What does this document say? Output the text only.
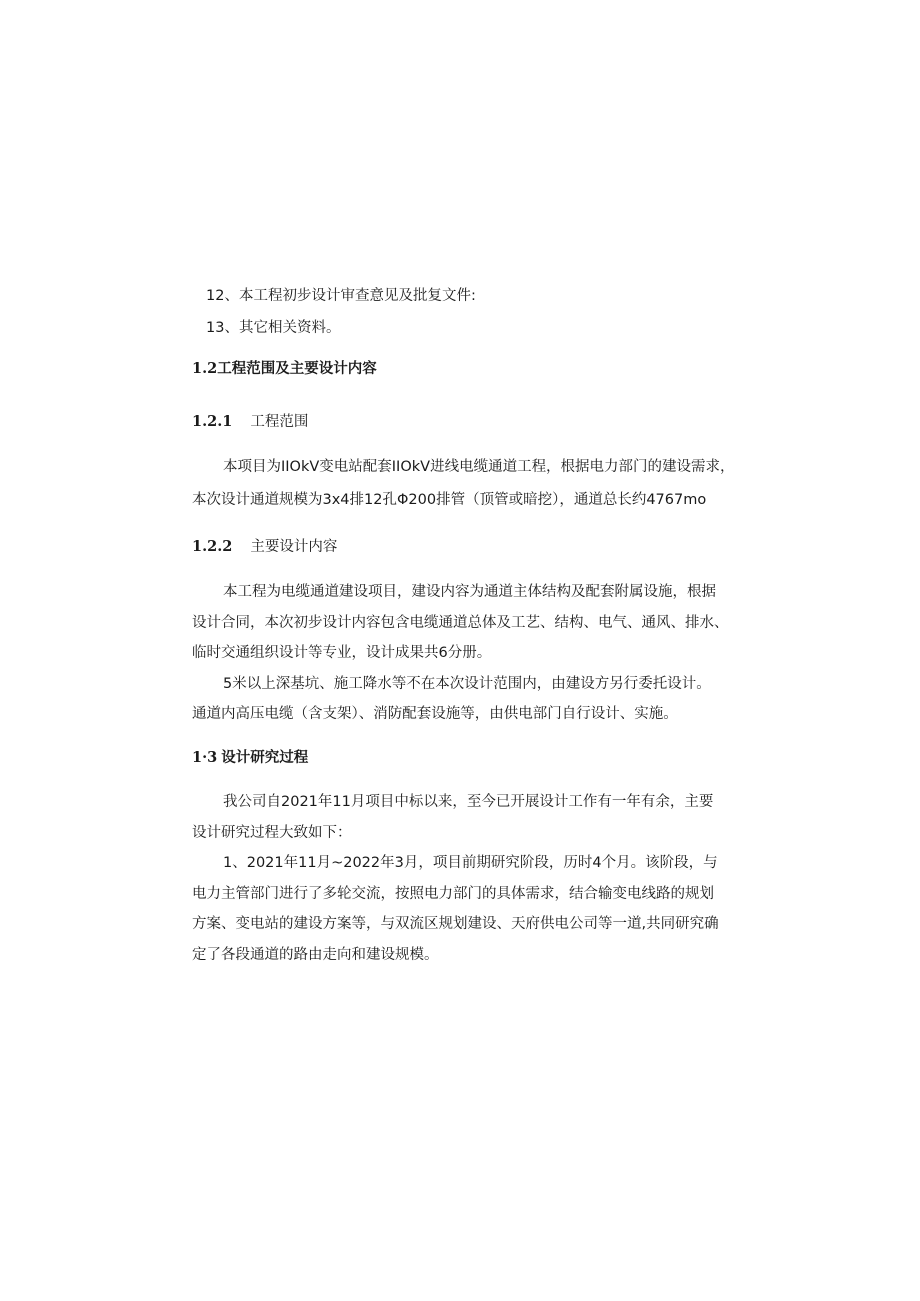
12、本工程初步设计审查意见及批复文件:
13、其它相关资料。
1.2工程范围及主要设计内容
1.2.1 工程范围
本项目为IIOkV变电站配套IIOkV进线电缆通道工程，根据电力部门的建设需求，
本次设计通道规模为3x4排12孔Φ200排管（顶管或暗挖），通道总长约4767mo
1.2.2 主要设计内容
本工程为电缆通道建设项目，建设内容为通道主体结构及配套附属设施，根据
设计合同，本次初步设计内容包含电缆通道总体及工艺、结构、电气、通风、排水、
临时交通组织设计等专业，设计成果共6分册。
5米以上深基坑、施工降水等不在本次设计范围内，由建设方另行委托设计。
通道内高压电缆（含支架）、消防配套设施等，由供电部门自行设计、实施。
1·3 设计研究过程
我公司自2021年11月项目中标以来，至今已开展设计工作有一年有余，主要
设计研究过程大致如下：
1、2021年11月~2022年3月，项目前期研究阶段，历时4个月。该阶段，与
电力主管部门进行了多轮交流，按照电力部门的具体需求，结合输变电线路的规划
方案、变电站的建设方案等，与双流区规划建设、天府供电公司等一道,共同研究确
定了各段通道的路由走向和建设规模。
